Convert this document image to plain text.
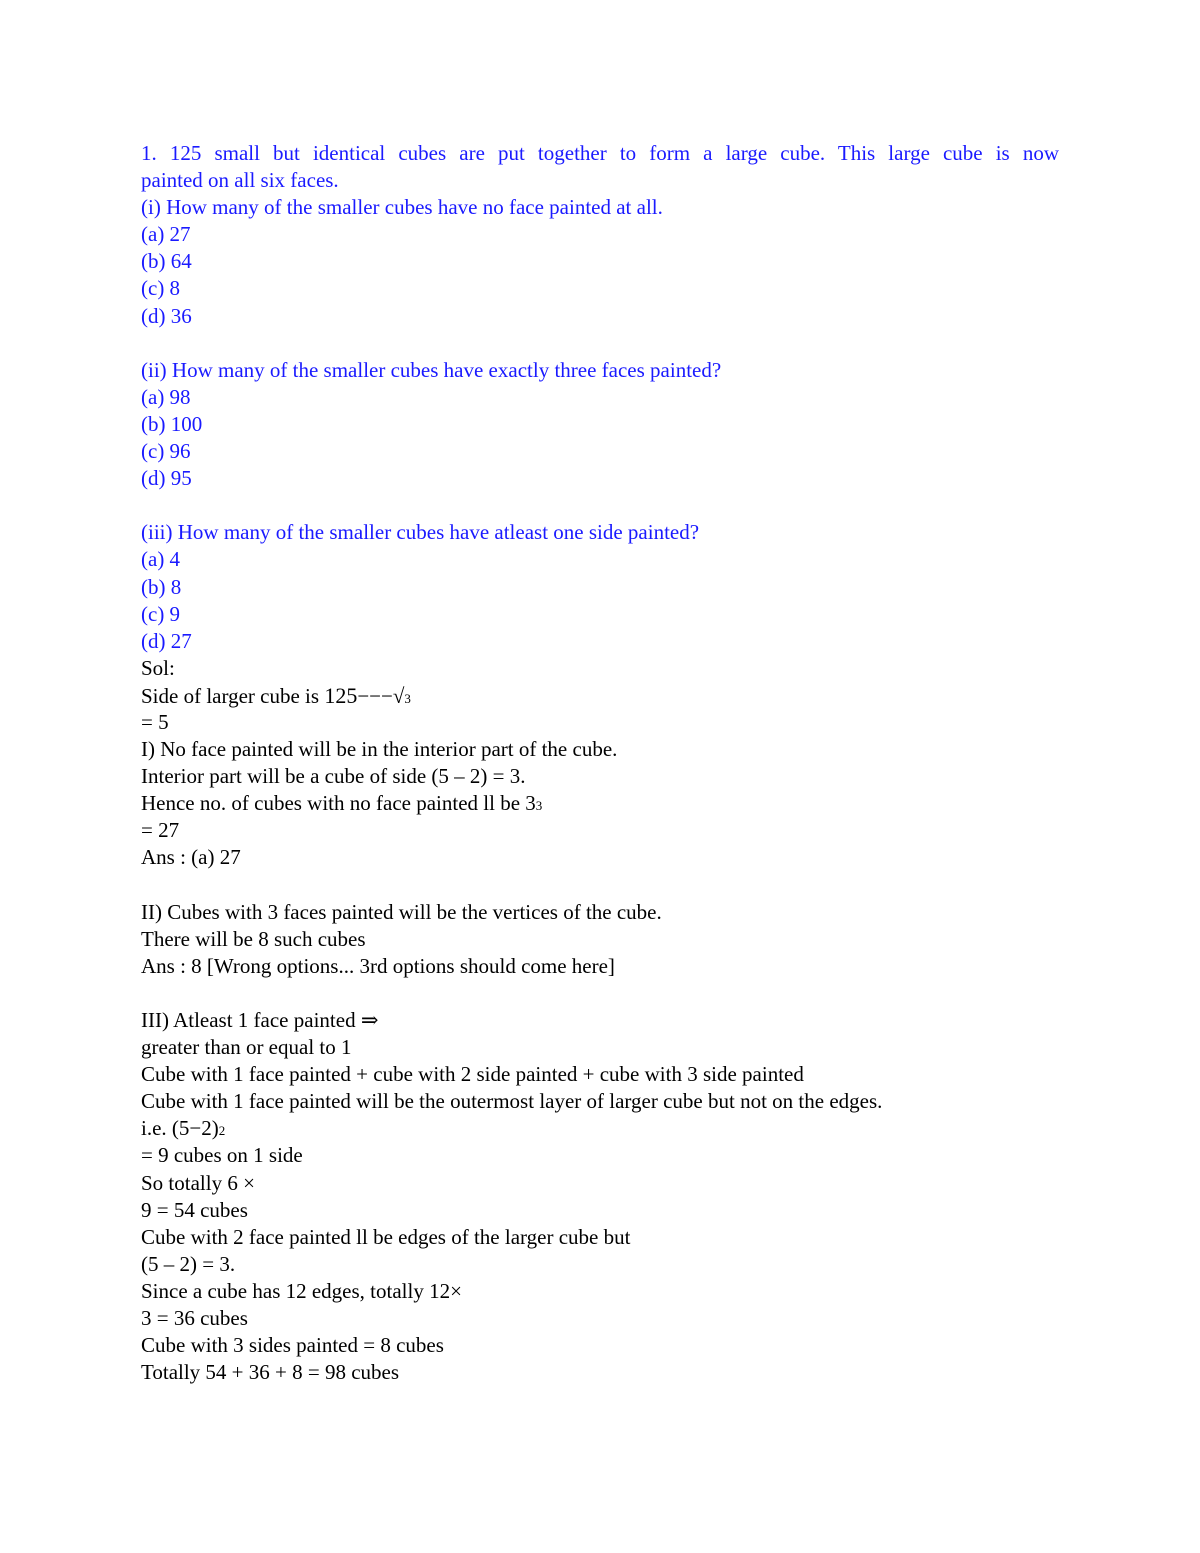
1. 125 small but identical cubes are put together to form a large cube. This large cube is now
painted on all six faces.
(i) How many of the smaller cubes have no face painted at all.
(a) 27
(b) 64
(c) 8
(d) 36
(ii) How many of the smaller cubes have exactly three faces painted?
(a) 98
(b) 100
(c) 96
(d) 95
(iii) How many of the smaller cubes have atleast one side painted?
(a) 4
(b) 8
(c) 9
(d) 27
Sol:
Side of larger cube is 125−−−√3
= 5
I) No face painted will be in the interior part of the cube.
Interior part will be a cube of side (5 – 2) = 3.
Hence no. of cubes with no face painted ll be 33
= 27
Ans : (a) 27
II) Cubes with 3 faces painted will be the vertices of the cube.
There will be 8 such cubes
Ans : 8 [Wrong options... 3rd options should come here]
III) Atleast 1 face painted ⇒
greater than or equal to 1
Cube with 1 face painted + cube with 2 side painted + cube with 3 side painted
Cube with 1 face painted will be the outermost layer of larger cube but not on the edges.
i.e. (5−2)2
= 9 cubes on 1 side
So totally 6 ×
9 = 54 cubes
Cube with 2 face painted ll be edges of the larger cube but
(5 – 2) = 3.
Since a cube has 12 edges, totally 12×
3 = 36 cubes
Cube with 3 sides painted = 8 cubes
Totally 54 + 36 + 8 = 98 cubes
